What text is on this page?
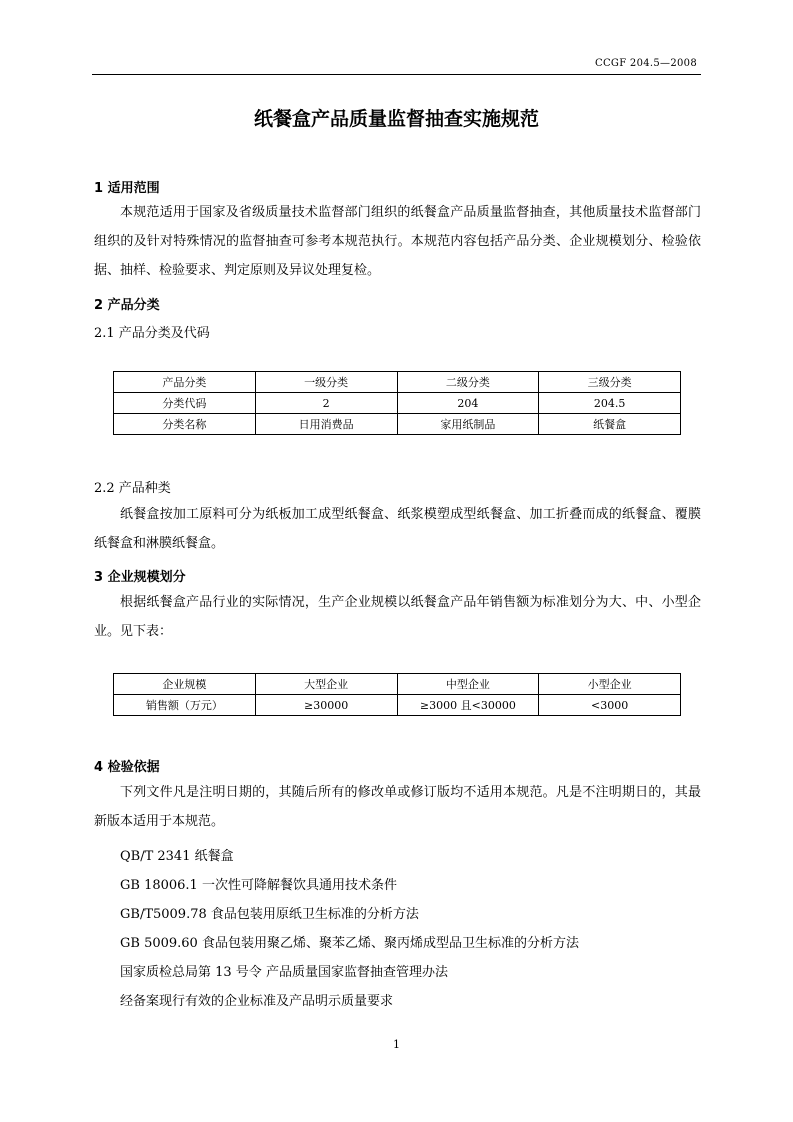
CCGF 204.5—2008
纸餐盒产品质量监督抽查实施规范
1 适用范围

本规范适用于国家及省级质量技术监督部门组织的纸餐盒产品质量监督抽查，其他质量技术监督部门组织的及针对特殊情况的监督抽查可参考本规范执行。本规范内容包括产品分类、企业规模划分、检验依据、抽样、检验要求、判定原则及异议处理复检。

2 产品分类
2.1 产品分类及代码
产品分类	一级分类	二级分类	三级分类
分类代码	2	204	204.5
分类名称	日用消费品	家用纸制品	纸餐盒
2.2 产品种类

纸餐盒按加工原料可分为纸板加工成型纸餐盒、纸浆模塑成型纸餐盒、加工折叠而成的纸餐盒、覆膜纸餐盒和淋膜纸餐盒。

3 企业规模划分

根据纸餐盒产品行业的实际情况，生产企业规模以纸餐盒产品年销售额为标准划分为大、中、小型企业。见下表：

企业规模	大型企业	中型企业	小型企业
销售额（万元）	≥30000	≥3000 且<30000	<3000
4 检验依据

下列文件凡是注明日期的，其随后所有的修改单或修订版均不适用本规范。凡是不注明期日的，其最新版本适用于本规范。

QB/T 2341 纸餐盒
GB 18006.1 一次性可降解餐饮具通用技术条件
GB/T5009.78 食品包装用原纸卫生标准的分析方法
GB 5009.60 食品包装用聚乙烯、聚苯乙烯、聚丙烯成型品卫生标准的分析方法
国家质检总局第 13 号令 产品质量国家监督抽查管理办法
经备案现行有效的企业标准及产品明示质量要求
1
